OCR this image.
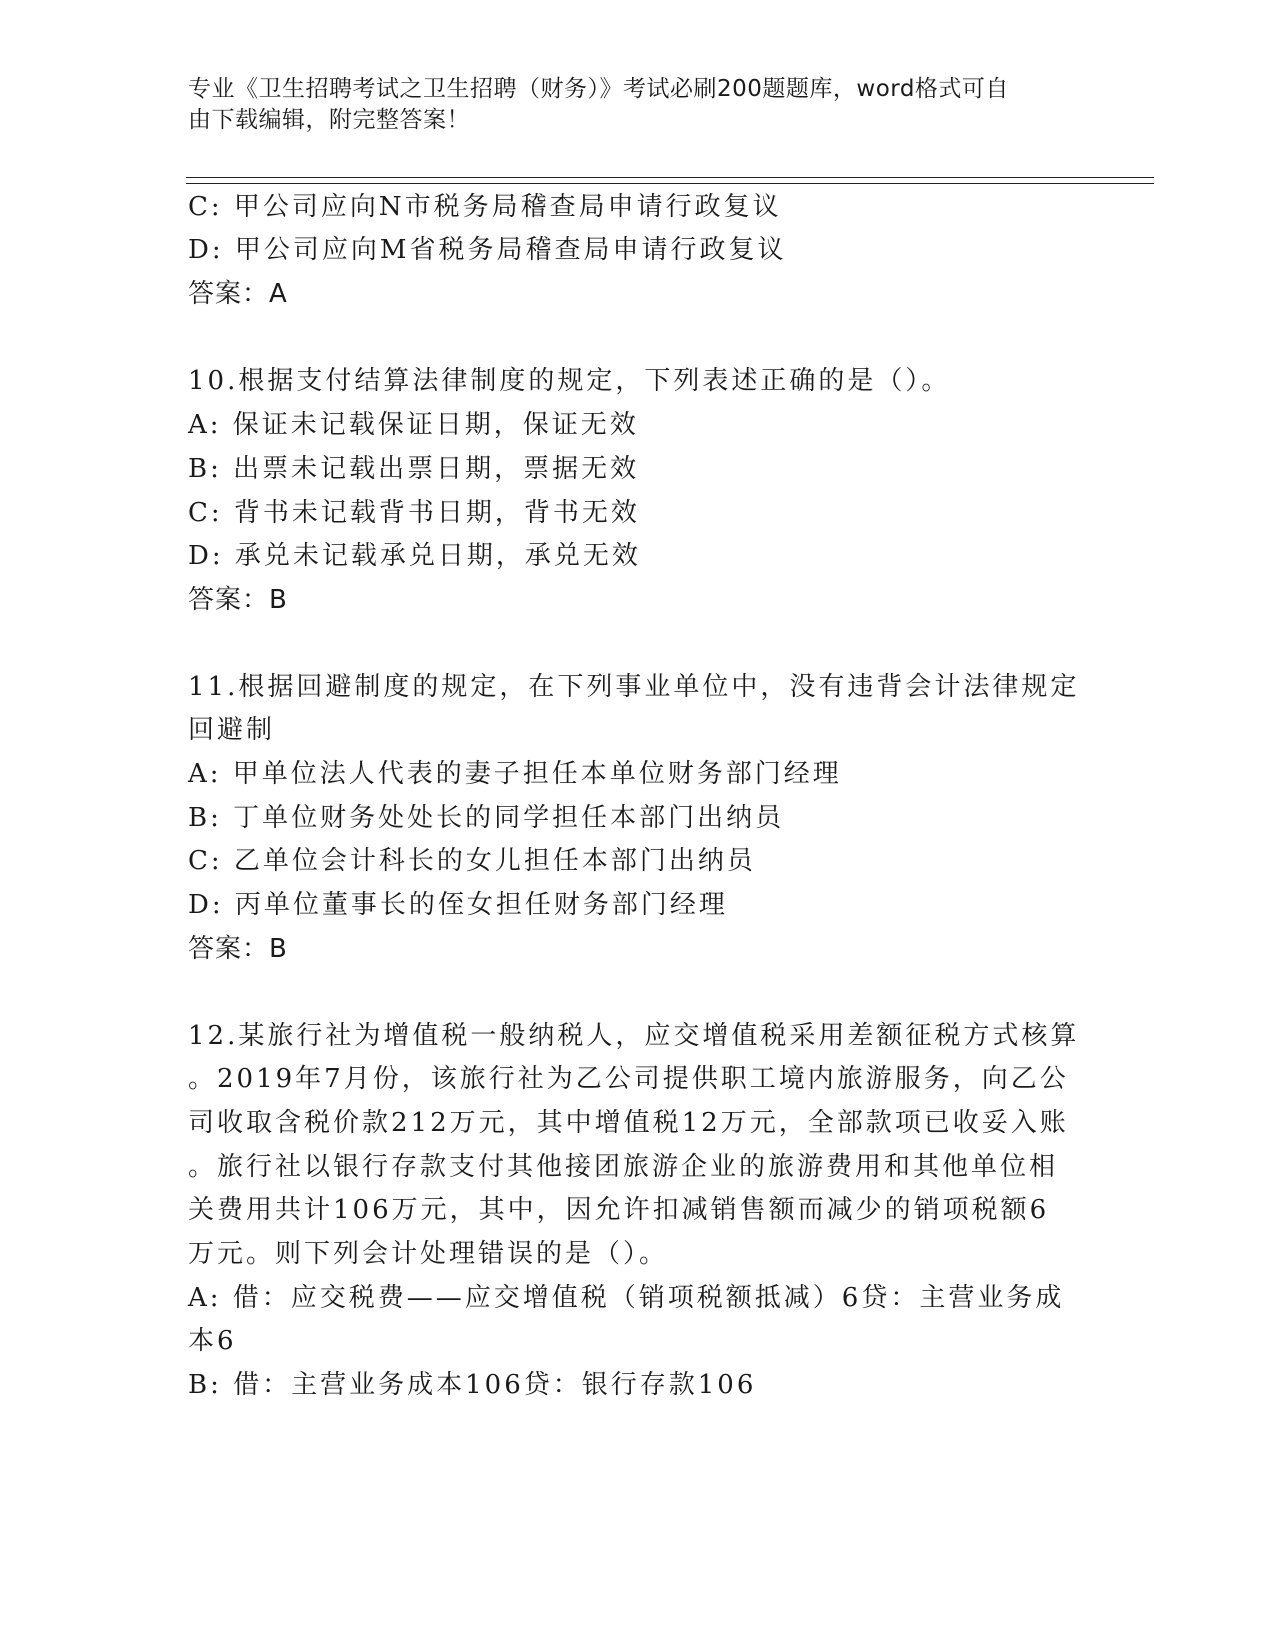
专业《卫生招聘考试之卫生招聘（财务）》考试必刷200题题库，word格式可自
由下载编辑，附完整答案！
C: 甲公司应向N市税务局稽查局申请行政复议
D: 甲公司应向M省税务局稽查局申请行政复议
答案：A
10.根据支付结算法律制度的规定，下列表述正确的是（）。
A: 保证未记载保证日期，保证无效
B: 出票未记载出票日期，票据无效
C: 背书未记载背书日期，背书无效
D: 承兑未记载承兑日期，承兑无效
答案：B
11.根据回避制度的规定，在下列事业单位中，没有违背会计法律规定
回避制
A: 甲单位法人代表的妻子担任本单位财务部门经理
B: 丁单位财务处处长的同学担任本部门出纳员
C: 乙单位会计科长的女儿担任本部门出纳员
D: 丙单位董事长的侄女担任财务部门经理
答案：B
12.某旅行社为增值税一般纳税人，应交增值税采用差额征税方式核算
。2019年7月份，该旅行社为乙公司提供职工境内旅游服务，向乙公
司收取含税价款212万元，其中增值税12万元，全部款项已收妥入账
。旅行社以银行存款支付其他接团旅游企业的旅游费用和其他单位相
关费用共计106万元，其中，因允许扣减销售额而减少的销项税额6
万元。则下列会计处理错误的是（）。
A: 借：应交税费——应交增值税（销项税额抵减）6贷：主营业务成
本6
B: 借：主营业务成本106贷：银行存款106
